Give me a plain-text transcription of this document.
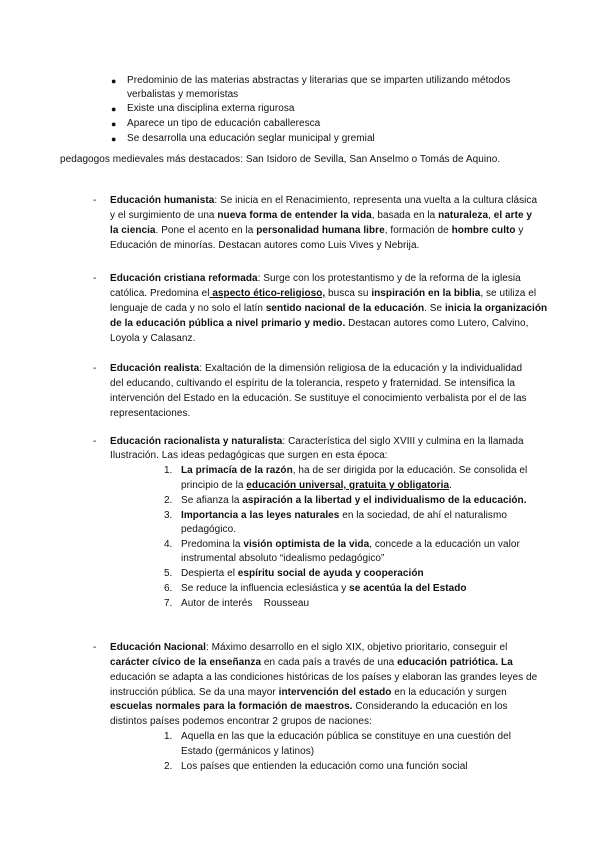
● Predominio de las materias abstractas y literarias que se imparten utilizando métodos
verbalistas y memoristas
● Existe una disciplina externa rigurosa
● Aparece un tipo de educación caballeresca
● Se desarrolla una educación seglar municipal y gremial
pedagogos medievales más destacados: San Isidoro de Sevilla, San Anselmo o Tomás de Aquino.
- Educación humanista: Se inicia en el Renacimiento, representa una vuelta a la cultura clásica
y el surgimiento de una nueva forma de entender la vida, basada en la naturaleza, el arte y
la ciencia. Pone el acento en la personalidad humana libre, formación de hombre culto y
Educación de minorías. Destacan autores como Luis Vives y Nebrija.
- Educación cristiana reformada: Surge con los protestantismo y de la reforma de la iglesia
católica. Predomina el aspecto ético-religioso, busca su inspiración en la biblia, se utiliza el
lenguaje de cada y no solo el latín sentido nacional de la educación. Se inicia la organización
de la educación pública a nivel primario y medio. Destacan autores como Lutero, Calvino,
Loyola y Calasanz.
- Educación realista: Exaltación de la dimensión religiosa de la educación y la individualidad
del educando, cultivando el espíritu de la tolerancia, respeto y fraternidad. Se intensifica la
intervención del Estado en la educación. Se sustituye el conocimiento verbalista por el de las
representaciones.
- Educación racionalista y naturalista: Característica del siglo XVIII y culmina en la llamada
Ilustración. Las ideas pedagógicas que surgen en esta época:
1. La primacía de la razón, ha de ser dirigida por la educación. Se consolida el
principio de la educación universal, gratuita y obligatoria.
2. Se afianza la aspiración a la libertad y el individualismo de la educación.
3. Importancia a las leyes naturales en la sociedad, de ahí el naturalismo
pedagógico.
4. Predomina la visión optimista de la vida, concede a la educación un valor
instrumental absoluto “idealismo pedagógico”
5. Despierta el espíritu social de ayuda y cooperación
6. Se reduce la influencia eclesiástica y se acentúa la del Estado
7. Autor de interés    Rousseau
- Educación Nacional: Máximo desarrollo en el siglo XIX, objetivo prioritario, conseguir el
carácter cívico de la enseñanza en cada país a través de una educación patriótica. La
educación se adapta a las condiciones históricas de los países y elaboran las grandes leyes de
instrucción pública. Se da una mayor intervención del estado en la educación y surgen
escuelas normales para la formación de maestros. Considerando la educación en los
distintos países podemos encontrar 2 grupos de naciones:
1. Aquella en las que la educación pública se constituye en una cuestión del
Estado (germánicos y latinos)
2. Los países que entienden la educación como una función social
